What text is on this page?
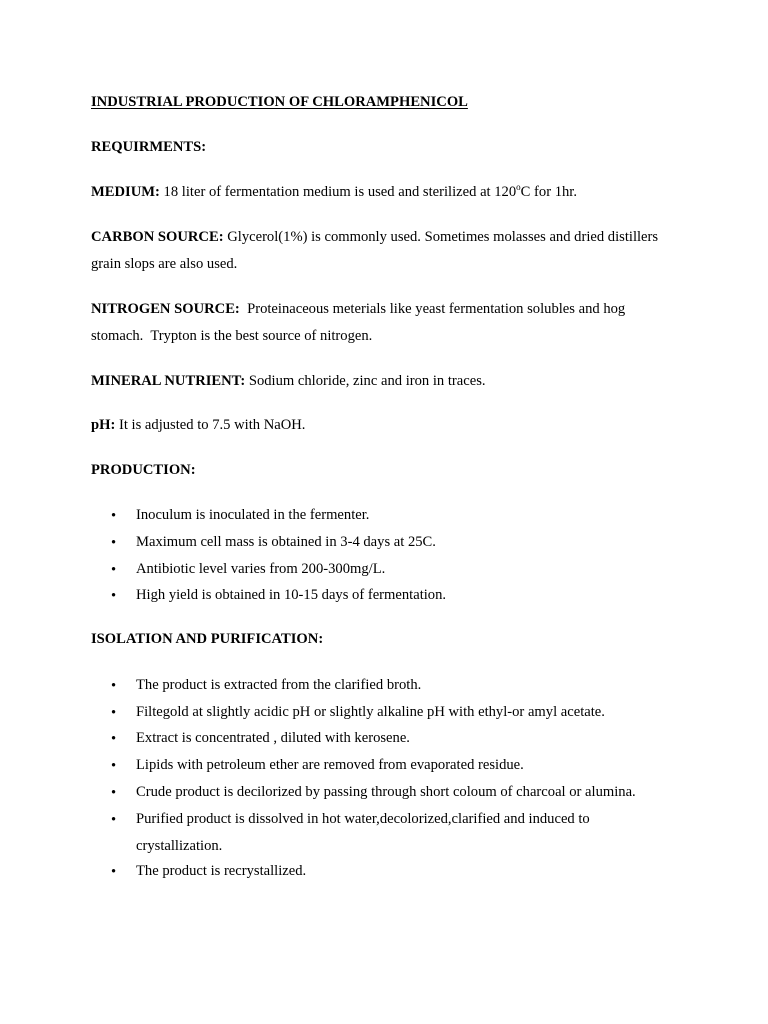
INDUSTRIAL PRODUCTION OF CHLORAMPHENICOL
REQUIRMENTS:
MEDIUM: 18 liter of fermentation medium is used and sterilized at 120$^o$C for 1hr.
CARBON SOURCE: Glycerol(1%) is commonly used. Sometimes molasses and dried distillers
grain slops are also used.
NITROGEN SOURCE:  Proteinaceous meterials like yeast fermentation solubles and hog
stomach.  Trypton is the best source of nitrogen.
MINERAL NUTRIENT: Sodium chloride, zinc and iron in traces.
pH: It is adjusted to 7.5 with NaOH.
PRODUCTION:
• Inoculum is inoculated in the fermenter.
• Maximum cell mass is obtained in 3-4 days at 25C.
• Antibiotic level varies from 200-300mg/L.
• High yield is obtained in 10-15 days of fermentation.
ISOLATION AND PURIFICATION:
• The product is extracted from the clarified broth.
• Filtegold at slightly acidic pH or slightly alkaline pH with ethyl-or amyl acetate.
• Extract is concentrated , diluted with kerosene.
• Lipids with petroleum ether are removed from evaporated residue.
• Crude product is decilorized by passing through short coloum of charcoal or alumina.
• Purified product is dissolved in hot water,decolorized,clarified and induced to
crystallization.
• The product is recrystallized.
